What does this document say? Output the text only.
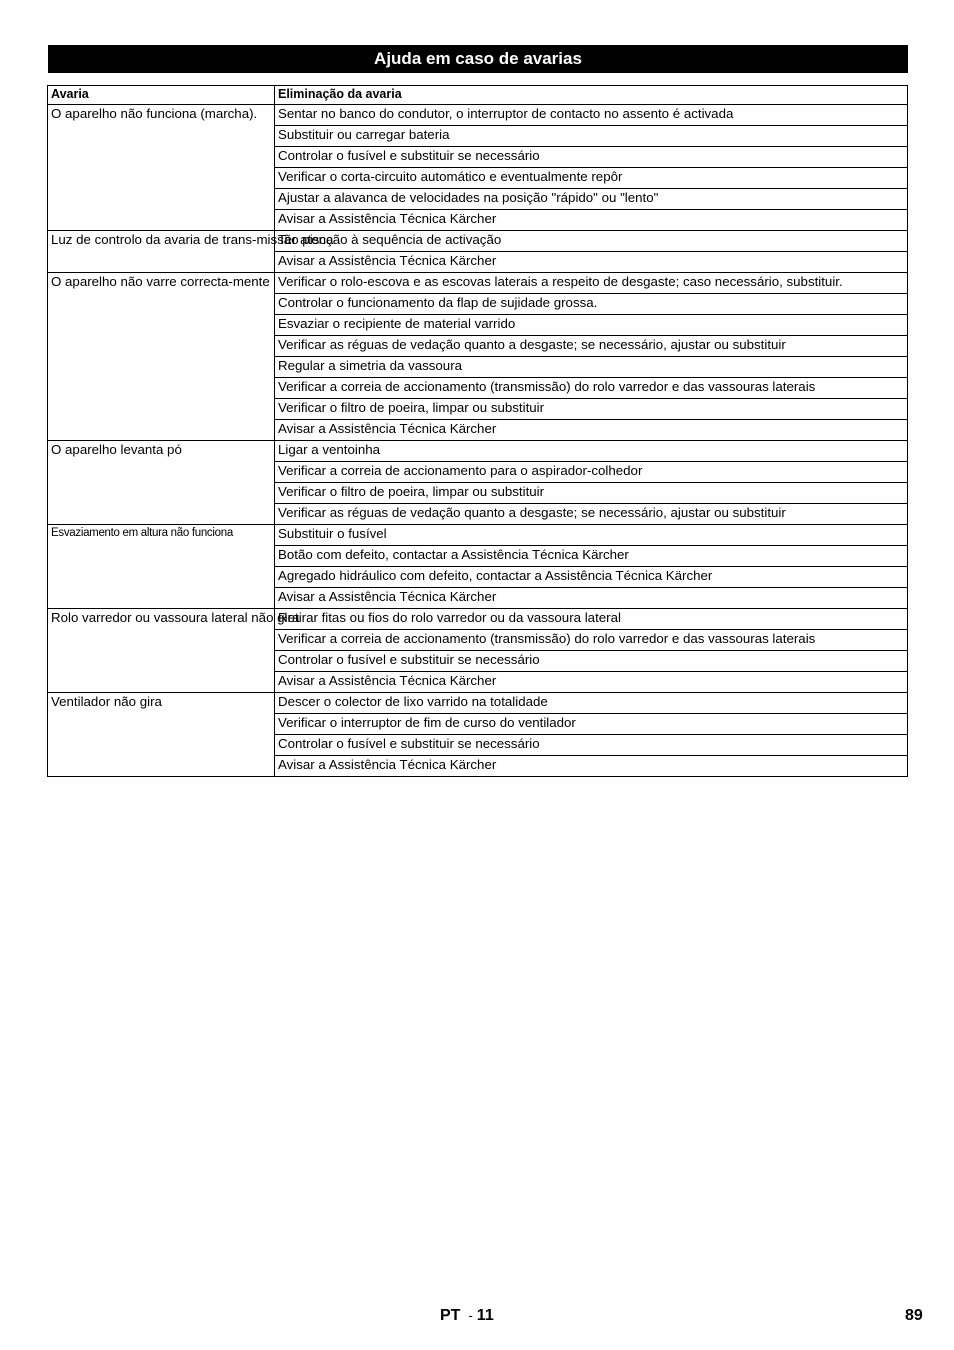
Ajuda em caso de avarias
Avaria	Eliminação da avaria
O aparelho não funciona (marcha).	Sentar no banco do condutor, o interruptor de contacto no assento é activada
	Substituir ou carregar bateria
	Controlar o fusível e substituir se necessário
	Verificar o corta-circuito automático e eventualmente repôr
	Ajustar a alavanca de velocidades na posição "rápido" ou "lento"
	Avisar a Assistência Técnica Kärcher
Luz de controlo da avaria de trans-missão pisca	Ter atenção à sequência de activação
	Avisar a Assistência Técnica Kärcher
O aparelho não varre correcta-mente	Verificar o rolo-escova e as escovas laterais a respeito de desgaste; caso necessário, substituir.
	Controlar o funcionamento da flap de sujidade grossa.
	Esvaziar o recipiente de material varrido
	Verificar as réguas de vedação quanto a desgaste; se necessário, ajustar ou substituir
	Regular a simetria da vassoura
	Verificar a correia de accionamento (transmissão) do rolo varredor e das vassouras laterais
	Verificar o filtro de poeira, limpar ou substituir
	Avisar a Assistência Técnica Kärcher
O aparelho levanta pó	Ligar a ventoinha
	Verificar a correia de accionamento para o aspirador-colhedor
	Verificar o filtro de poeira, limpar ou substituir
	Verificar as réguas de vedação quanto a desgaste; se necessário, ajustar ou substituir
Esvaziamento em altura não funciona	Substituir o fusível
	Botão com defeito, contactar a Assistência Técnica Kärcher
	Agregado hidráulico com defeito, contactar a Assistência Técnica Kärcher
	Avisar a Assistência Técnica Kärcher
Rolo varredor ou vassoura lateral não gira	Retirar fitas ou fios do rolo varredor ou da vassoura lateral
	Verificar a correia de accionamento (transmissão) do rolo varredor e das vassouras laterais
	Controlar o fusível e substituir se necessário
	Avisar a Assistência Técnica Kärcher
Ventilador não gira	Descer o colector de lixo varrido na totalidade
	Verificar o interruptor de fim de curso do ventilador
	Controlar o fusível e substituir se necessário
	Avisar a Assistência Técnica Kärcher
PT - 11	89
